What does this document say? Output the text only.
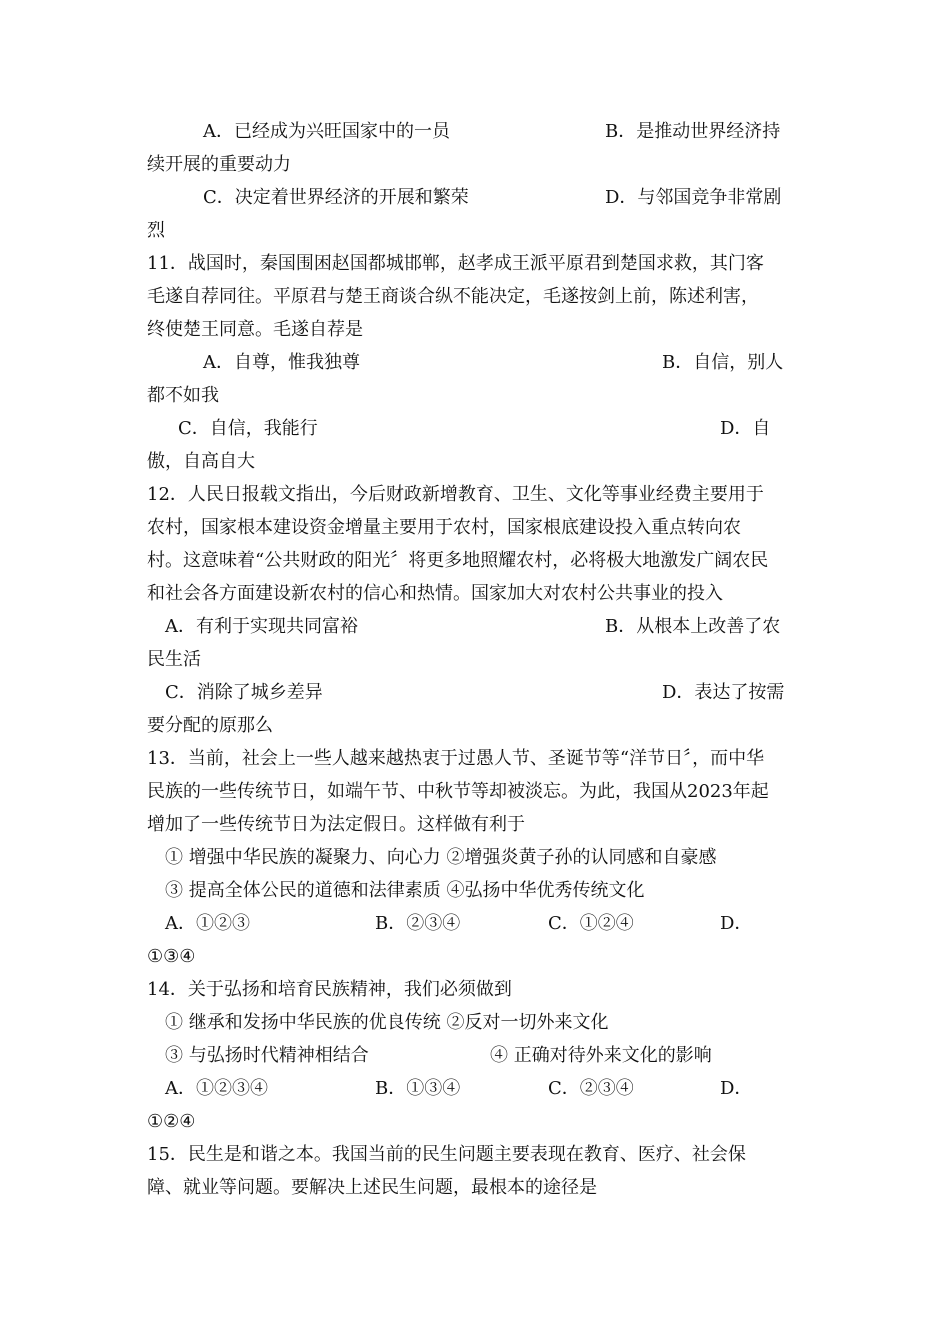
A．已经成为兴旺国家中的一员	B．是推动世界经济持
续开展的重要动力
C．决定着世界经济的开展和繁荣	D．与邻国竞争非常剧
烈
11．战国时，秦国围困赵国都城邯郸，赵孝成王派平原君到楚国求救，其门客
毛遂自荐同往。平原君与楚王商谈合纵不能决定，毛遂按剑上前，陈述利害，
终使楚王同意。毛遂自荐是
A．自尊，惟我独尊	B．自信，别人
都不如我
C．自信，我能行	D．自
傲，自高自大
12．人民日报载文指出，今后财政新增教育、卫生、文化等事业经费主要用于
农村，国家根本建设资金增量主要用于农村，国家根底建设投入重点转向农
村。这意味着“公共财政的阳光〞将更多地照耀农村，必将极大地激发广阔农民
和社会各方面建设新农村的信心和热情。国家加大对农村公共事业的投入
A．有利于实现共同富裕	B．从根本上改善了农
民生活
C．消除了城乡差异	D．表达了按需
要分配的原那么
13．当前，社会上一些人越来越热衷于过愚人节、圣诞节等“洋节日〞，而中华
民族的一些传统节日，如端午节、中秋节等却被淡忘。为此，我国从2023年起
增加了一些传统节日为法定假日。这样做有利于
① 增强中华民族的凝聚力、向心力 ②增强炎黄子孙的认同感和自豪感
③ 提高全体公民的道德和法律素质 ④弘扬中华优秀传统文化
A．①②③	B．②③④	C．①②④	D．
①③④
14．关于弘扬和培育民族精神，我们必须做到
① 继承和发扬中华民族的优良传统 ②反对一切外来文化
③ 与弘扬时代精神相结合	④ 正确对待外来文化的影响
A．①②③④	B．①③④	C．②③④	D．
①②④
15．民生是和谐之本。我国当前的民生问题主要表现在教育、医疗、社会保
障、就业等问题。要解决上述民生问题，最根本的途径是
